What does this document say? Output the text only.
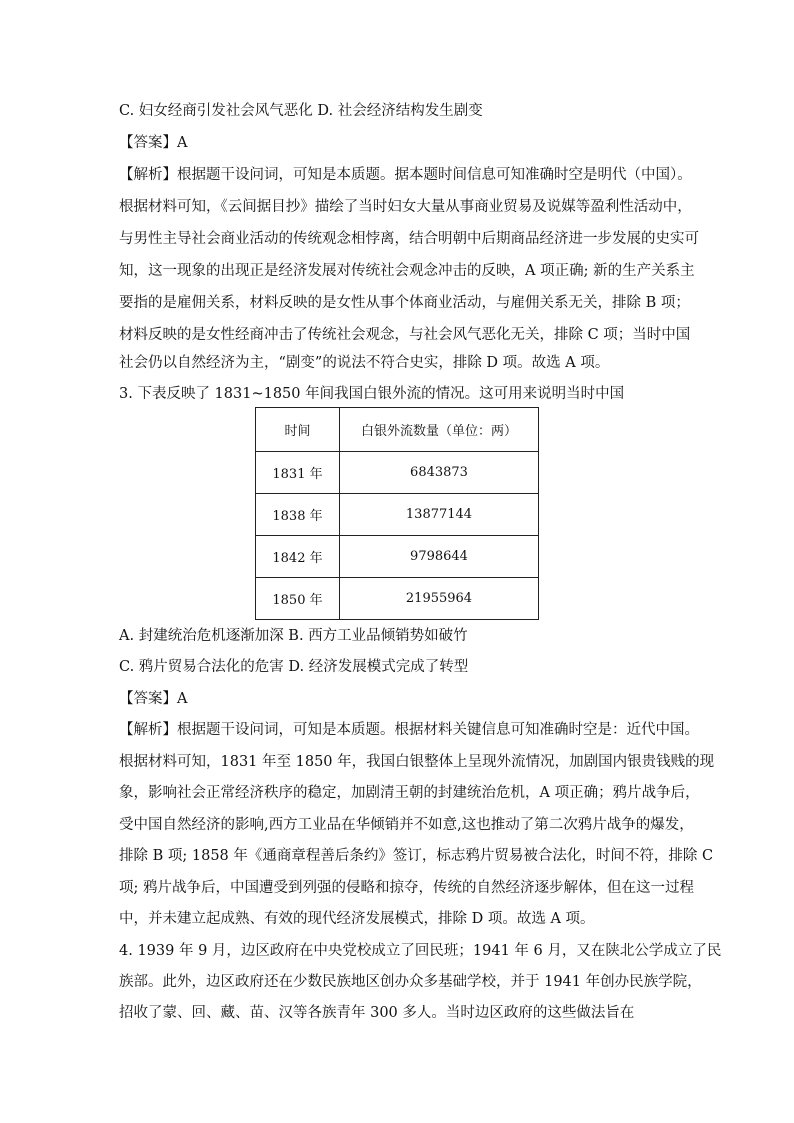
C. 妇女经商引发社会风气恶化 D. 社会经济结构发生剧变
【答案】A
【解析】根据题干设问词，可知是本质题。据本题时间信息可知准确时空是明代（中国）。
根据材料可知，《云间据目抄》描绘了当时妇女大量从事商业贸易及说媒等盈利性活动中，
与男性主导社会商业活动的传统观念相悖离，结合明朝中后期商品经济进一步发展的史实可
知，这一现象的出现正是经济发展对传统社会观念冲击的反映，A 项正确; 新的生产关系主
要指的是雇佣关系，材料反映的是女性从事个体商业活动，与雇佣关系无关，排除 B 项；
材料反映的是女性经商冲击了传统社会观念，与社会风气恶化无关，排除 C 项；当时中国
社会仍以自然经济为主，“剧变”的说法不符合史实，排除 D 项。故选 A 项。
3. 下表反映了 1831~1850 年间我国白银外流的情况。这可用来说明当时中国
时间	白银外流数量（单位：两）
1831 年	6843873
1838 年	13877144
1842 年	9798644
1850 年	21955964
A. 封建统治危机逐渐加深 B. 西方工业品倾销势如破竹
C. 鸦片贸易合法化的危害 D. 经济发展模式完成了转型
【答案】A
【解析】根据题干设问词，可知是本质题。根据材料关键信息可知准确时空是：近代中国。
根据材料可知，1831 年至 1850 年，我国白银整体上呈现外流情况，加剧国内银贵钱贱的现
象，影响社会正常经济秩序的稳定，加剧清王朝的封建统治危机，A 项正确；鸦片战争后，
受中国自然经济的影响,西方工业品在华倾销并不如意,这也推动了第二次鸦片战争的爆发，
排除 B 项; 1858 年《通商章程善后条约》签订，标志鸦片贸易被合法化，时间不符，排除 C
项; 鸦片战争后，中国遭受到列强的侵略和掠夺，传统的自然经济逐步解体，但在这一过程
中，并未建立起成熟、有效的现代经济发展模式，排除 D 项。故选 A 项。
4. 1939 年 9 月，边区政府在中央党校成立了回民班；1941 年 6 月，又在陕北公学成立了民
族部。此外，边区政府还在少数民族地区创办众多基础学校，并于 1941 年创办民族学院，
招收了蒙、回、藏、苗、汉等各族青年 300 多人。当时边区政府的这些做法旨在
